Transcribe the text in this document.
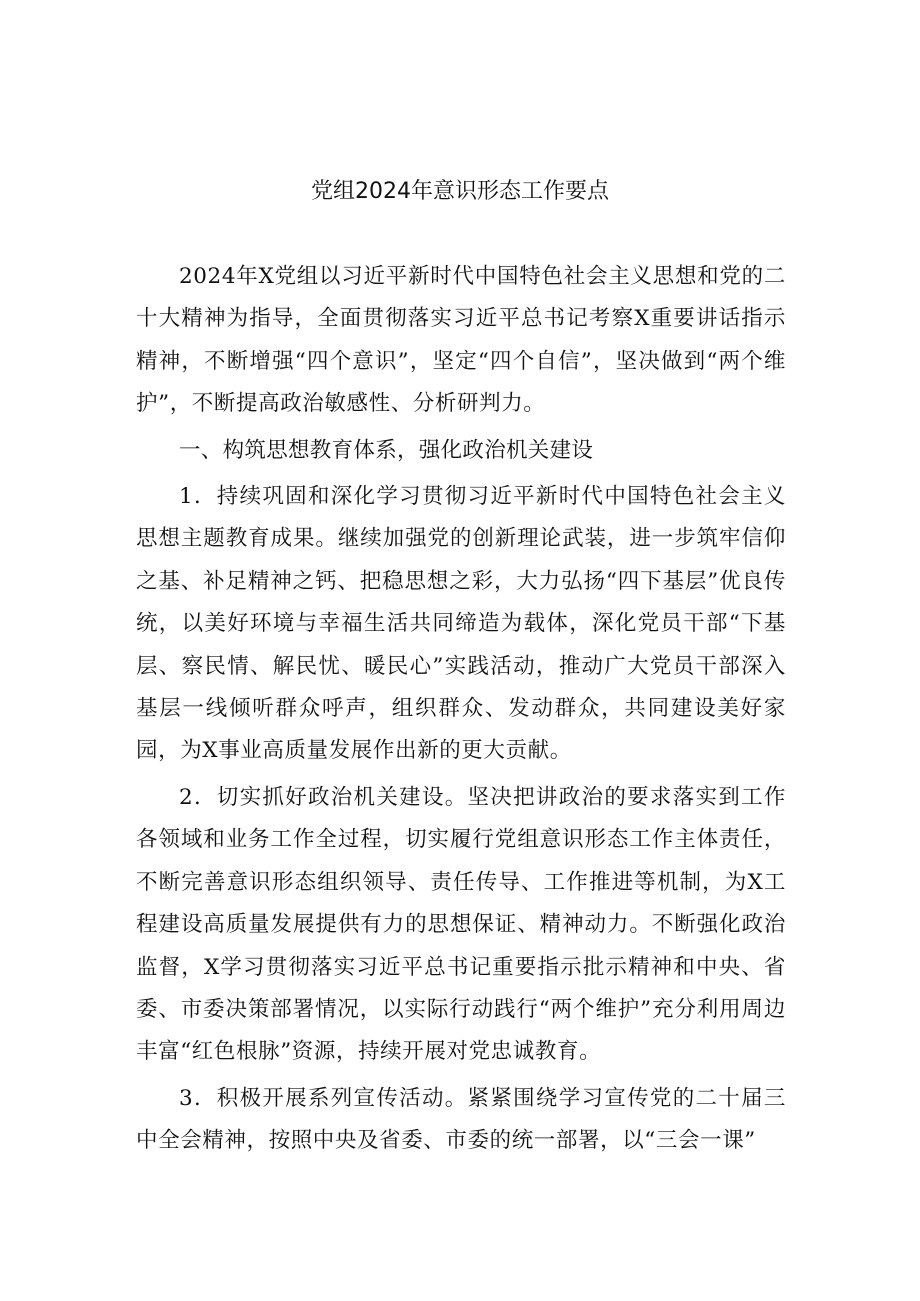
党组2024年意识形态工作要点

2024年X党组以习近平新时代中国特色社会主义思想和党的二十大精神为指导，全面贯彻落实习近平总书记考察X重要讲话指示精神，不断增强“四个意识”，坚定“四个自信”，坚决做到“两个维护”，不断提高政治敏感性、分析研判力。

一、构筑思想教育体系，强化政治机关建设

1．持续巩固和深化学习贯彻习近平新时代中国特色社会主义思想主题教育成果。继续加强党的创新理论武装，进一步筑牢信仰之基、补足精神之钙、把稳思想之彩，大力弘扬“四下基层”优良传统，以美好环境与幸福生活共同缔造为载体，深化党员干部“下基层、察民情、解民忧、暖民心”实践活动，推动广大党员干部深入基层一线倾听群众呼声，组织群众、发动群众，共同建设美好家园，为X事业高质量发展作出新的更大贡献。

2．切实抓好政治机关建设。坚决把讲政治的要求落实到工作各领域和业务工作全过程，切实履行党组意识形态工作主体责任，不断完善意识形态组织领导、责任传导、工作推进等机制，为X工程建设高质量发展提供有力的思想保证、精神动力。不断强化政治监督，X学习贯彻落实习近平总书记重要指示批示精神和中央、省委、市委决策部署情况，以实际行动践行“两个维护”充分利用周边丰富“红色根脉”资源，持续开展对党忠诚教育。

3．积极开展系列宣传活动。紧紧围绕学习宣传党的二十届三中全会精神，按照中央及省委、市委的统一部署，以“三会一课”
